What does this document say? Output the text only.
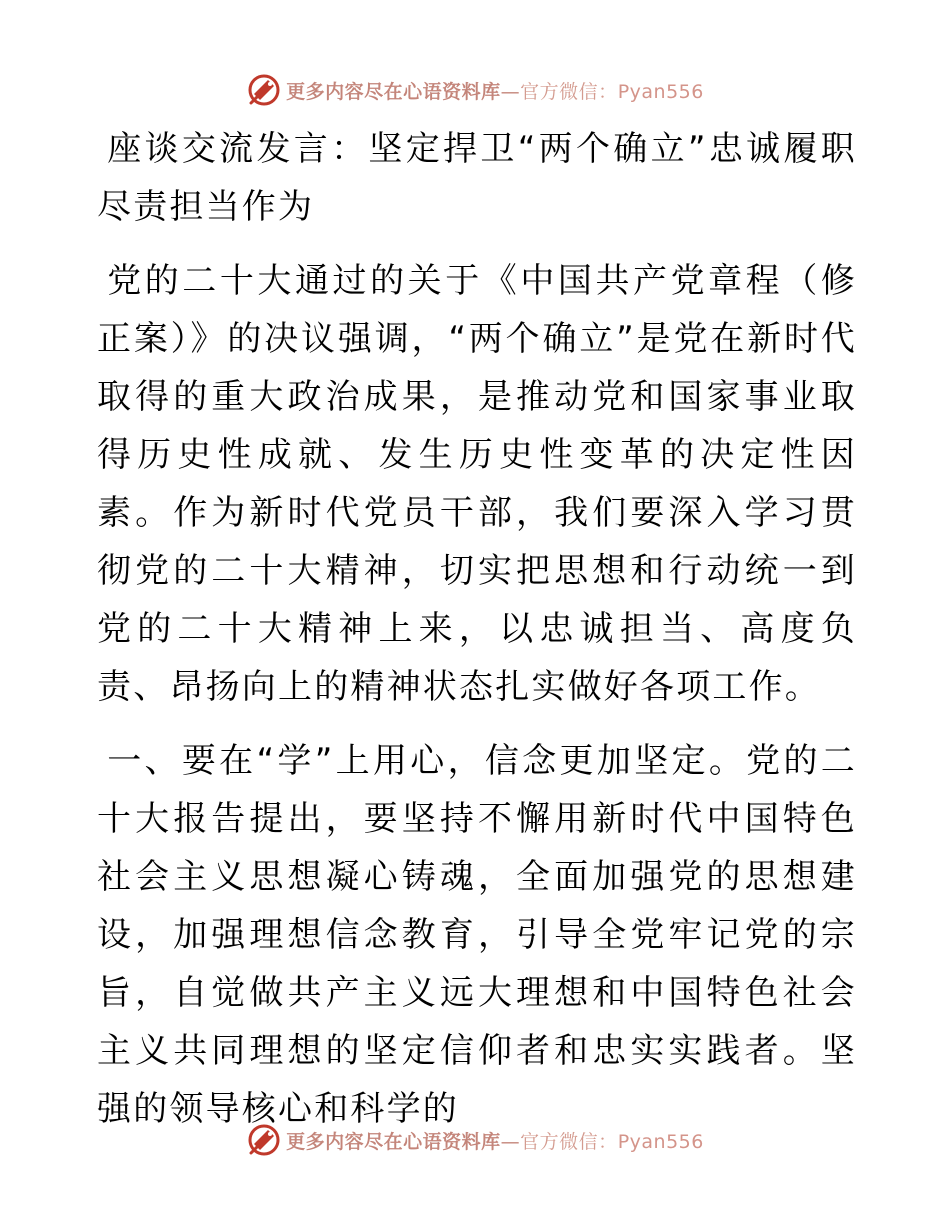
更多内容尽在心语资料库—官方微信：Pyan556

座谈交流发言：坚定捍卫“两个确立”忠诚履职尽责担当作为

党的二十大通过的关于《中国共产党章程（修正案）》的决议强调，“两个确立”是党在新时代取得的重大政治成果，是推动党和国家事业取得历史性成就、发生历史性变革的决定性因素。作为新时代党员干部，我们要深入学习贯彻党的二十大精神，切实把思想和行动统一到党的二十大精神上来，以忠诚担当、高度负责、昂扬向上的精神状态扎实做好各项工作。

一、要在“学”上用心，信念更加坚定。党的二十大报告提出，要坚持不懈用新时代中国特色社会主义思想凝心铸魂，全面加强党的思想建设，加强理想信念教育，引导全党牢记党的宗旨，自觉做共产主义远大理想和中国特色社会主义共同理想的坚定信仰者和忠实实践者。坚强的领导核心和科学的

更多内容尽在心语资料库—官方微信：Pyan556
